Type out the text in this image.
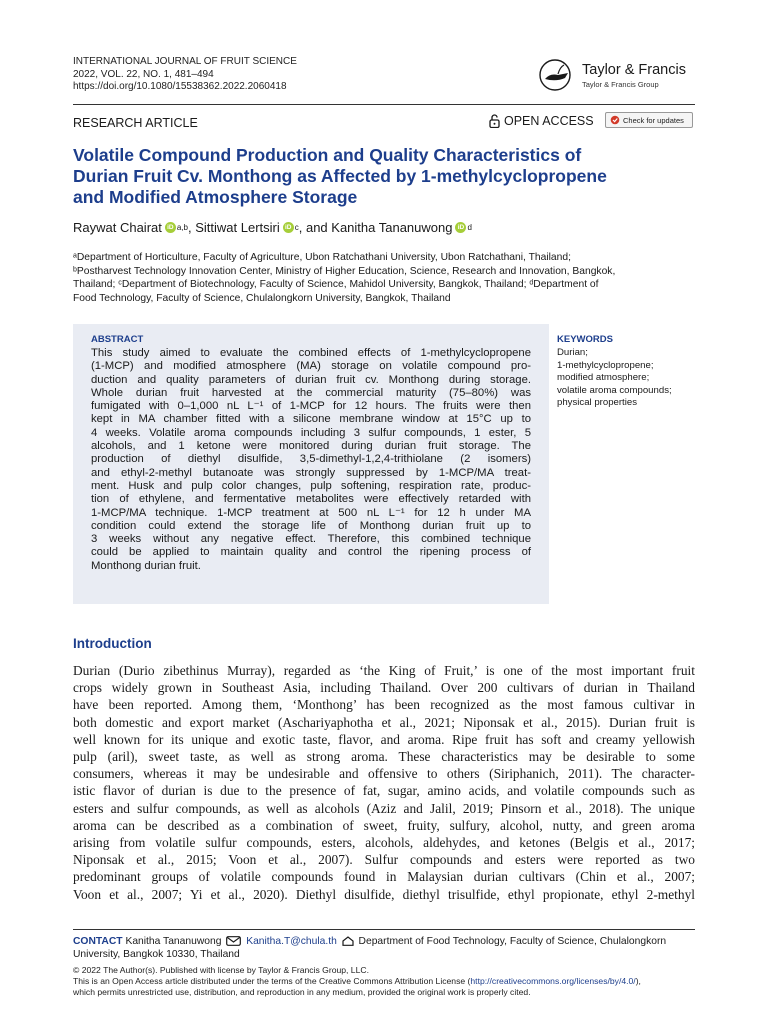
INTERNATIONAL JOURNAL OF FRUIT SCIENCE
2022, VOL. 22, NO. 1, 481–494
https://doi.org/10.1080/15538362.2022.2060418
Taylor & Francis
Taylor & Francis Group
RESEARCH ARTICLE	OPEN ACCESS	Check for updates
Volatile Compound Production and Quality Characteristics of
Durian Fruit Cv. Monthong as Affected by 1-methylcyclopropene
and Modified Atmosphere Storage
Raywat Chairat iD a,b , Sittiwat Lertsiri iD c , and Kanitha Tananuwong iD d
ᵃDepartment of Horticulture, Faculty of Agriculture, Ubon Ratchathani University, Ubon Ratchathani, Thailand;
ᵇPostharvest Technology Innovation Center, Ministry of Higher Education, Science, Research and Innovation, Bangkok,
Thailand; ᶜDepartment of Biotechnology, Faculty of Science, Mahidol University, Bangkok, Thailand; ᵈDepartment of
Food Technology, Faculty of Science, Chulalongkorn University, Bangkok, Thailand
ABSTRACT
This study aimed to evaluate the combined effects of 1-methylcyclopropene
(1-MCP) and modified atmosphere (MA) storage on volatile compound pro-
duction and quality parameters of durian fruit cv. Monthong during storage.
Whole durian fruit harvested at the commercial maturity (75–80%) was
fumigated with 0–1,000 nL L⁻¹ of 1-MCP for 12 hours. The fruits were then
kept in MA chamber fitted with a silicone membrane window at 15°C up to
4 weeks. Volatile aroma compounds including 3 sulfur compounds, 1 ester, 5
alcohols, and 1 ketone were monitored during durian fruit storage. The
production of diethyl disulfide, 3,5-dimethyl-1,2,4-trithiolane (2 isomers)
and ethyl-2-methyl butanoate was strongly suppressed by 1-MCP/MA treat-
ment. Husk and pulp color changes, pulp softening, respiration rate, produc-
tion of ethylene, and fermentative metabolites were effectively retarded with
1-MCP/MA technique. 1-MCP treatment at 500 nL L⁻¹ for 12 h under MA
condition could extend the storage life of Monthong durian fruit up to
3 weeks without any negative effect. Therefore, this combined technique
could be applied to maintain quality and control the ripening process of
Monthong durian fruit.
KEYWORDS
Durian;
1-methylcyclopropene;
modified atmosphere;
volatile aroma compounds;
physical properties
Introduction
Durian (Durio zibethinus Murray), regarded as ‘the King of Fruit,’ is one of the most important fruit
crops widely grown in Southeast Asia, including Thailand. Over 200 cultivars of durian in Thailand
have been reported. Among them, ‘Monthong’ has been recognized as the most famous cultivar in
both domestic and export market (Aschariyaphotha et al., 2021; Niponsak et al., 2015). Durian fruit is
well known for its unique and exotic taste, flavor, and aroma. Ripe fruit has soft and creamy yellowish
pulp (aril), sweet taste, as well as strong aroma. These characteristics may be desirable to some
consumers, whereas it may be undesirable and offensive to others (Siriphanich, 2011). The character-
istic flavor of durian is due to the presence of fat, sugar, amino acids, and volatile compounds such as
esters and sulfur compounds, as well as alcohols (Aziz and Jalil, 2019; Pinsorn et al., 2018). The unique
aroma can be described as a combination of sweet, fruity, sulfury, alcohol, nutty, and green aroma
arising from volatile sulfur compounds, esters, alcohols, aldehydes, and ketones (Belgis et al., 2017;
Niponsak et al., 2015; Voon et al., 2007). Sulfur compounds and esters were reported as two
predominant groups of volatile compounds found in Malaysian durian cultivars (Chin et al., 2007;
Voon et al., 2007; Yi et al., 2020). Diethyl disulfide, diethyl trisulfide, ethyl propionate, ethyl 2-methyl
CONTACT Kanitha Tananuwong Kanitha.T@chula.th Department of Food Technology, Faculty of Science, Chulalongkorn
University, Bangkok 10330, Thailand
© 2022 The Author(s). Published with license by Taylor & Francis Group, LLC.
This is an Open Access article distributed under the terms of the Creative Commons Attribution License (http://creativecommons.org/licenses/by/4.0/),
which permits unrestricted use, distribution, and reproduction in any medium, provided the original work is properly cited.
